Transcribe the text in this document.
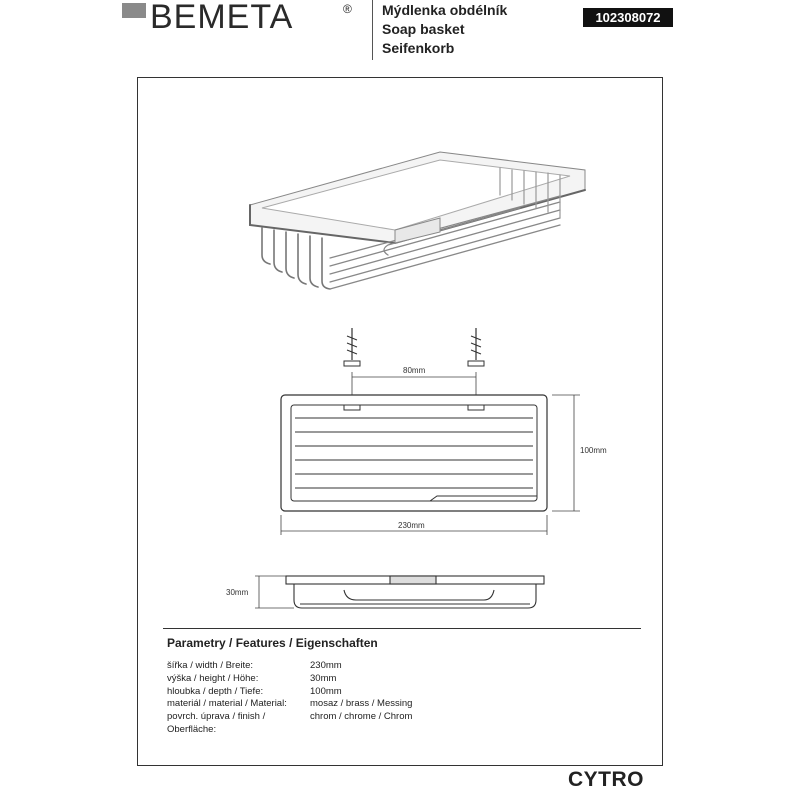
BEMETA	® Mýdlenka obdélník
Soap basket
Seifenkorb
102308072
80mm
100mm
230mm
30mm
Parametry / Features / Eigenschaften
šířka / width / Breite:	230mm
výška / height / Höhe:	30mm
hloubka / depth / Tiefe:	100mm
materiál / material / Material:	mosaz / brass / Messing
povrch. úprava / finish / Oberfläche:
chrom / chrome / Chrom
CYTRO
